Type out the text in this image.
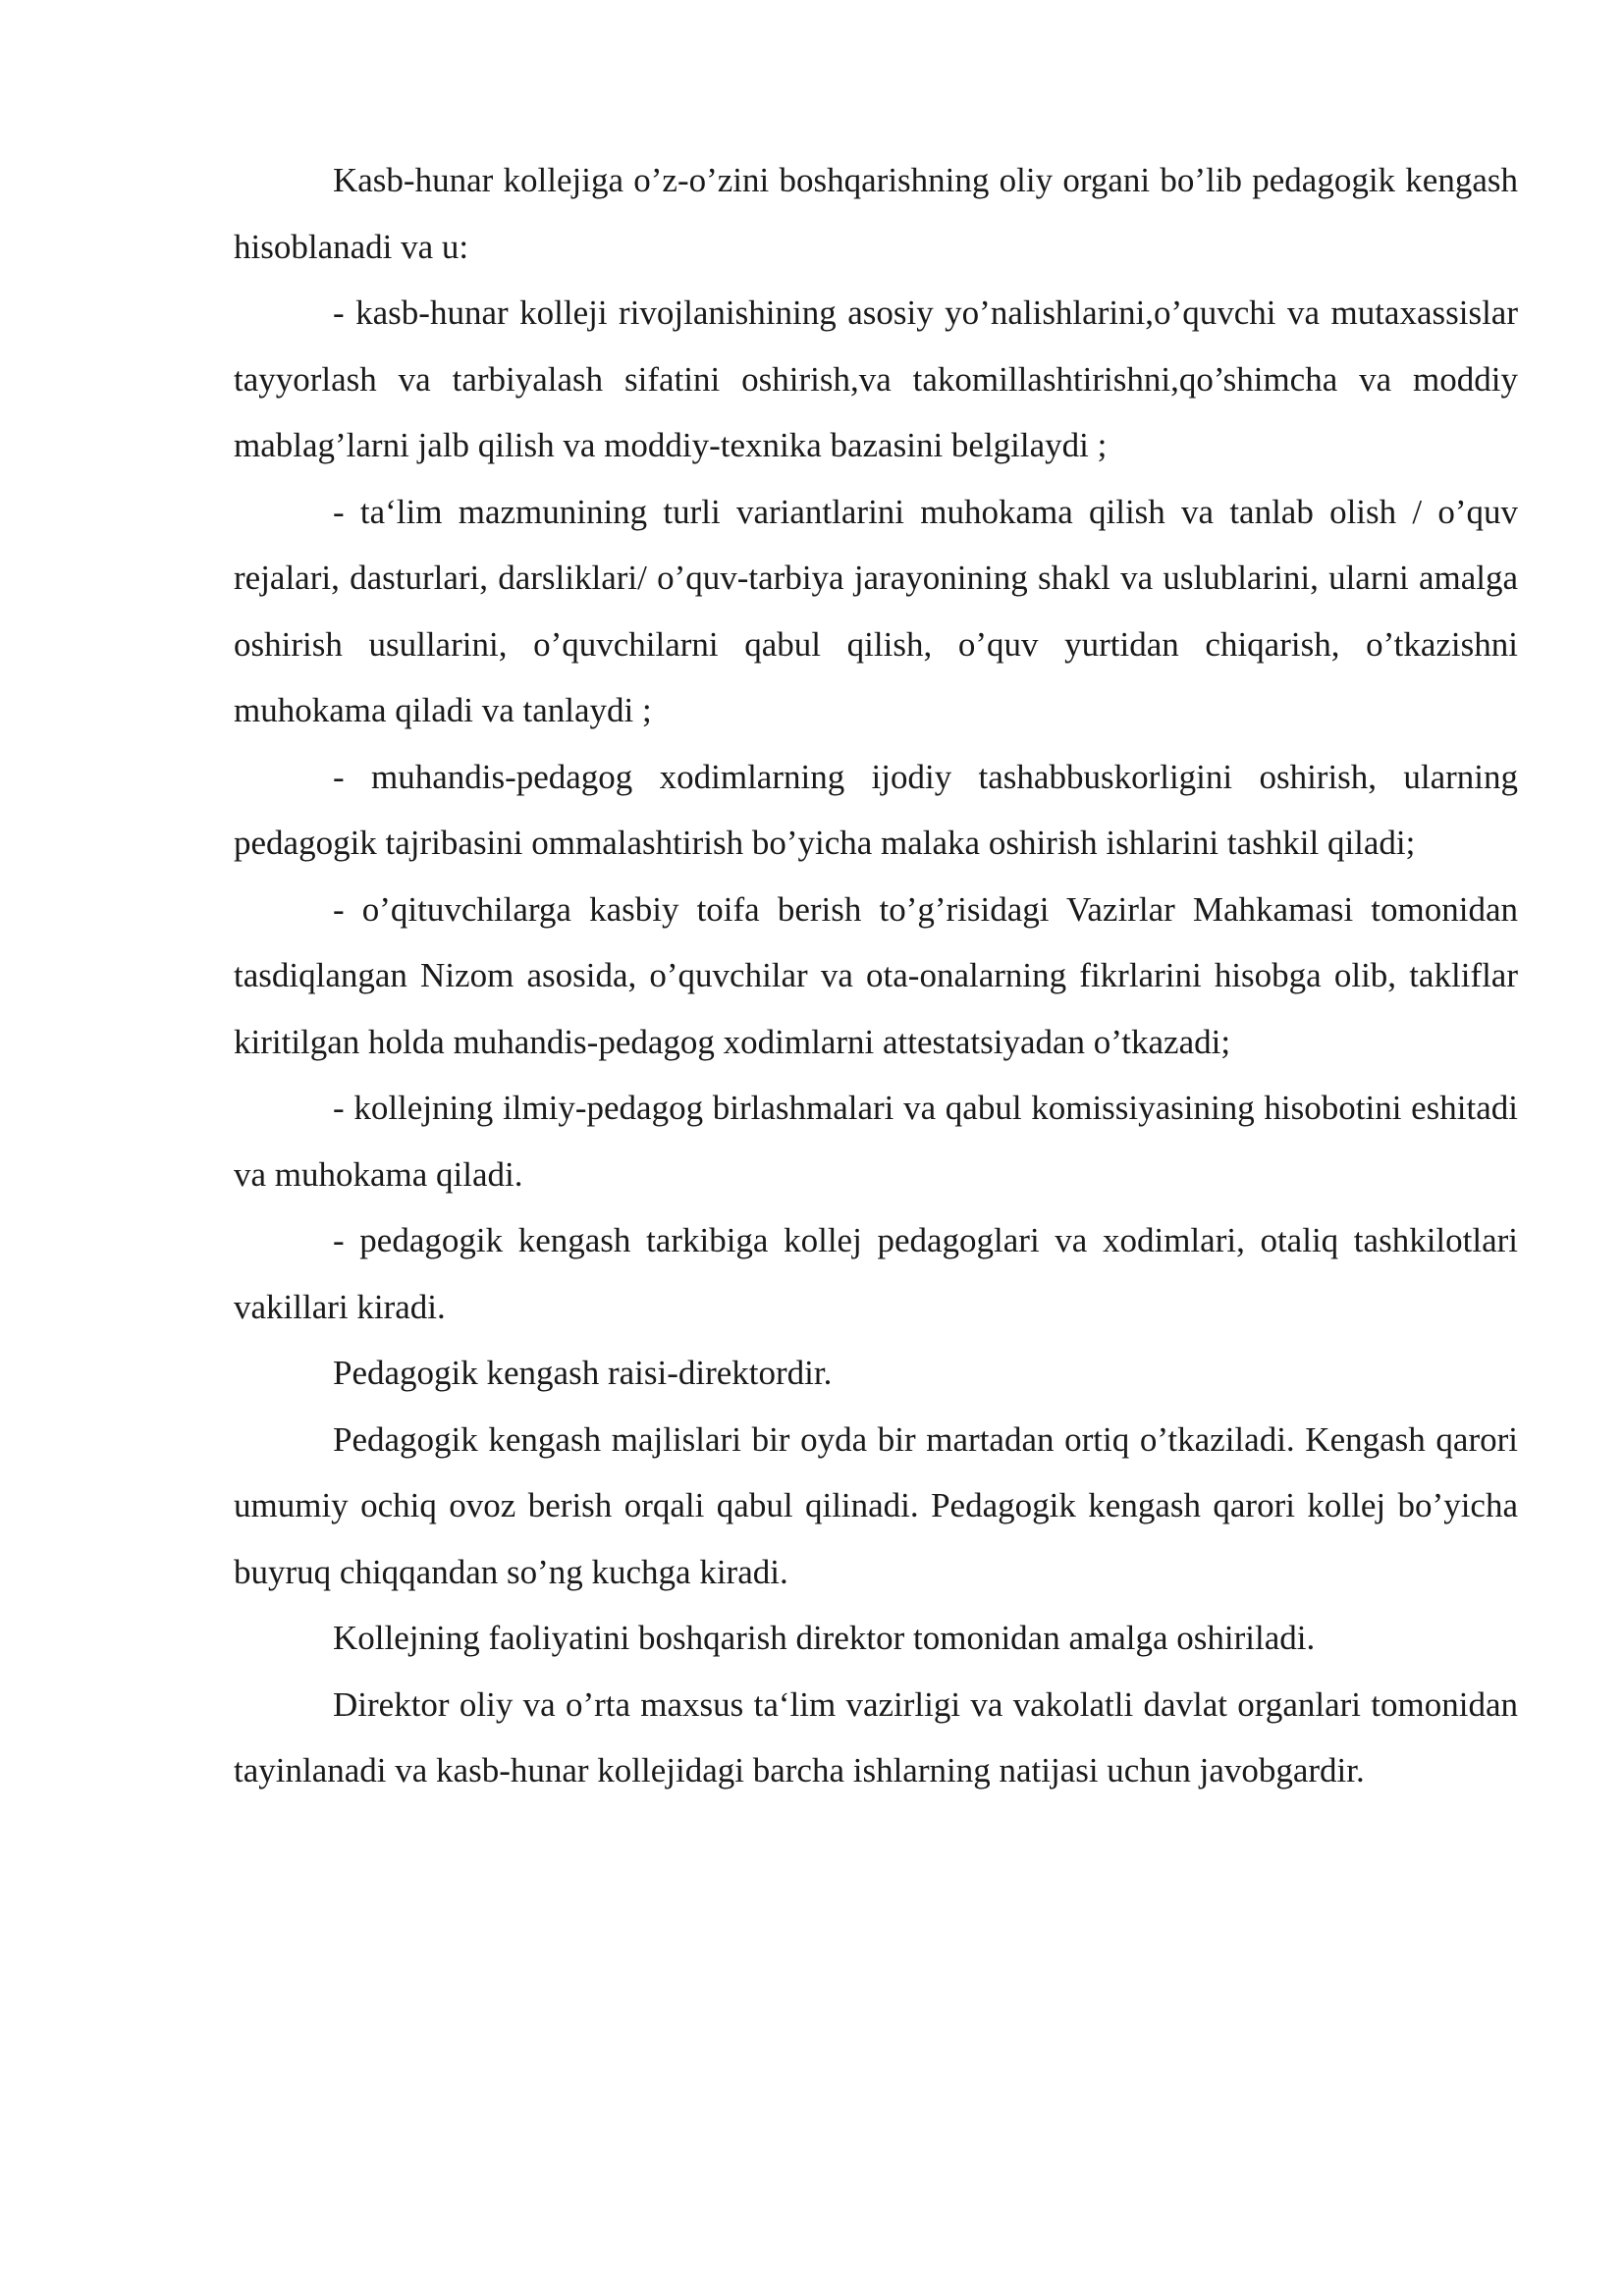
Kasb-hunar kollejiga o’z-o’zini boshqarishning oliy organi bo’lib pedagogik kengash hisoblanadi va u:

- kasb-hunar kolleji rivojlanishining asosiy yo’nalishlarini,o’quvchi va mutaxassislar tayyorlash va tarbiyalash sifatini oshirish,va takomillashtirishni,qo’shimcha va moddiy mablag’larni jalb qilish va moddiy-texnika bazasini belgilaydi ;

- ta‘lim mazmunining turli variantlarini muhokama qilish va tanlab olish / o’quv rejalari, dasturlari, darsliklari/ o’quv-tarbiya jarayonining shakl va uslublarini, ularni amalga oshirish usullarini, o’quvchilarni qabul qilish, o’quv yurtidan chiqarish, o’tkazishni muhokama qiladi va tanlaydi ;

- muhandis-pedagog xodimlarning ijodiy tashabbuskorligini oshirish, ularning pedagogik tajribasini ommalashtirish bo’yicha malaka oshirish ishlarini tashkil qiladi;

- o’qituvchilarga kasbiy toifa berish to’g’risidagi Vazirlar Mahkamasi tomonidan tasdiqlangan Nizom asosida, o’quvchilar va ota-onalarning fikrlarini hisobga olib, takliflar kiritilgan holda muhandis-pedagog xodimlarni attestatsiyadan o’tkazadi;

- kollejning ilmiy-pedagog birlashmalari va qabul komissiyasining hisobotini eshitadi va muhokama qiladi.

- pedagogik kengash tarkibiga kollej pedagoglari va xodimlari, otaliq tashkilotlari vakillari kiradi.

Pedagogik kengash raisi-direktordir.

Pedagogik kengash majlislari bir oyda bir martadan ortiq o’tkaziladi. Kengash qarori umumiy ochiq ovoz berish orqali qabul qilinadi. Pedagogik kengash qarori kollej bo’yicha buyruq chiqqandan so’ng kuchga kiradi.

Kollejning faoliyatini boshqarish direktor tomonidan amalga oshiriladi.

Direktor oliy va o’rta maxsus ta‘lim vazirligi va vakolatli davlat organlari tomonidan tayinlanadi va kasb-hunar kollejidagi barcha ishlarning natijasi uchun javobgardir.
